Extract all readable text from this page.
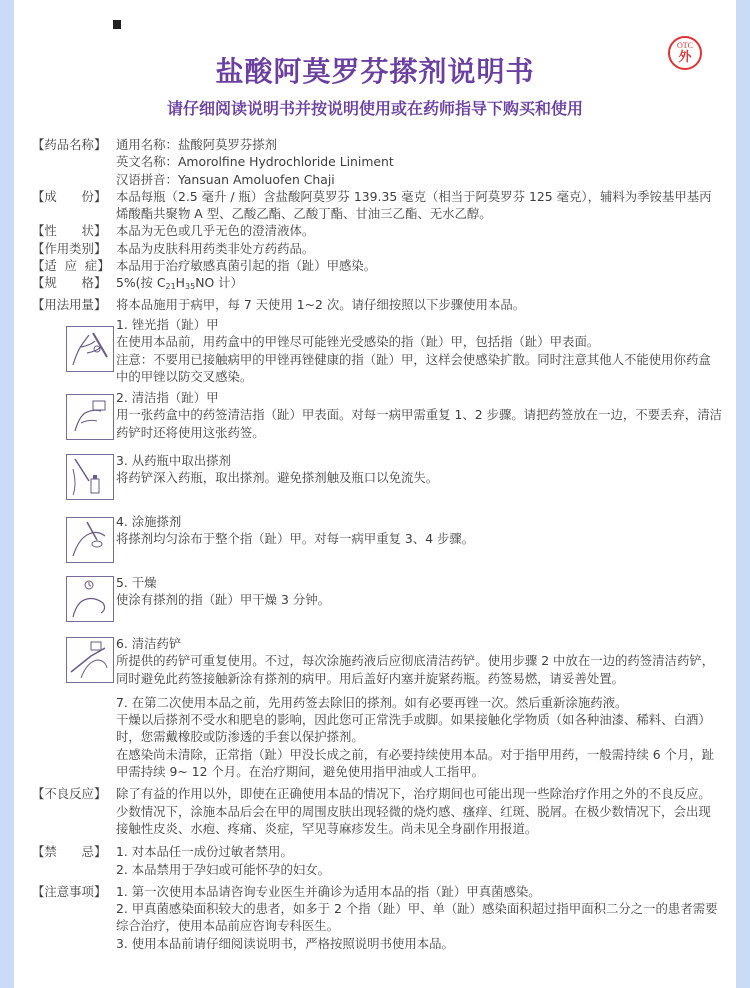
OTC
外
盐酸阿莫罗芬搽剂说明书
请仔细阅读说明书并按说明使用或在药师指导下购买和使用
【药品名称】 通用名称：盐酸阿莫罗芬搽剂

英文名称：Amorolfine Hydrochloride Liniment

汉语拼音：Yansuan Amoluofen Chaji

【成　　份】 本品每瓶（2.5 毫升 / 瓶）含盐酸阿莫罗芬 139.35 毫克（相当于阿莫罗芬 125 毫克），辅料为季铵基甲基丙烯酸酯共聚物 A 型、乙酸乙酯、乙酸丁酯、甘油三乙酯、无水乙醇。

【性　　状】 本品为无色或几乎无色的澄清液体。

【作用类别】 本品为皮肤科用药类非处方药药品。

【适  应  症】 本品用于治疗敏感真菌引起的指（趾）甲感染。

【规　　格】 5%(按 $C_{21}H_{35}NO$ 计）

【用法用量】 将本品施用于病甲，每 7 天使用 1~2 次。请仔细按照以下步骤使用本品。

1. 锉光指（趾）甲

在使用本品前，用药盒中的甲锉尽可能锉光受感染的指（趾）甲，包括指（趾）甲表面。

注意：不要用已接触病甲的甲锉再锉健康的指（趾）甲，这样会使感染扩散。同时注意其他人不能使用你药盒中的甲锉以防交叉感染。

2. 清洁指（趾）甲

用一张药盒中的药签清洁指（趾）甲表面。对每一病甲需重复 1、2 步骤。请把药签放在一边，不要丢弃，清洁药铲时还将使用这张药签。

3. 从药瓶中取出搽剂

将药铲深入药瓶，取出搽剂。避免搽剂触及瓶口以免流失。

4. 涂施搽剂

将搽剂均匀涂布于整个指（趾）甲。对每一病甲重复 3、4 步骤。

5. 干燥

使涂有搽剂的指（趾）甲干燥 3 分钟。

6. 清洁药铲

所提供的药铲可重复使用。不过，每次涂施药液后应彻底清洁药铲。使用步骤 2 中放在一边的药签清洁药铲，同时避免此药签接触新涂有搽剂的病甲。用后盖好内塞并旋紧药瓶。药签易燃，请妥善处置。

7. 在第二次使用本品之前，先用药签去除旧的搽剂。如有必要再锉一次。然后重新涂施药液。

干燥以后搽剂不受水和肥皂的影响，因此您可正常洗手或脚。如果接触化学物质（如各种油漆、稀料、白酒）时，您需戴橡胶或防渗透的手套以保护搽剂。

在感染尚未清除，正常指（趾）甲没长成之前，有必要持续使用本品。对于指甲用药，一般需持续 6 个月，趾甲需持续 9~ 12 个月。在治疗期间，避免使用指甲油或人工指甲。

【不良反应】 除了有益的作用以外，即使在正确使用本品的情况下，治疗期间也可能出现一些除治疗作用之外的不良反应。少数情况下，涂施本品后会在甲的周围皮肤出现轻微的烧灼感、瘙痒、红斑、脱屑。在极少数情况下，会出现接触性皮炎、水疱、疼痛、炎症，罕见荨麻疹发生。尚未见全身副作用报道。

【禁　　忌】 1. 对本品任一成份过敏者禁用。

2. 本品禁用于孕妇或可能怀孕的妇女。

【注意事项】 1. 第一次使用本品请咨询专业医生并确诊为适用本品的指（趾）甲真菌感染。

2. 甲真菌感染面积较大的患者，如多于 2 个指（趾）甲、单（趾）感染面积超过指甲面积二分之一的患者需要综合治疗，使用本品前应咨询专科医生。

3. 使用本品前请仔细阅读说明书，严格按照说明书使用本品。
